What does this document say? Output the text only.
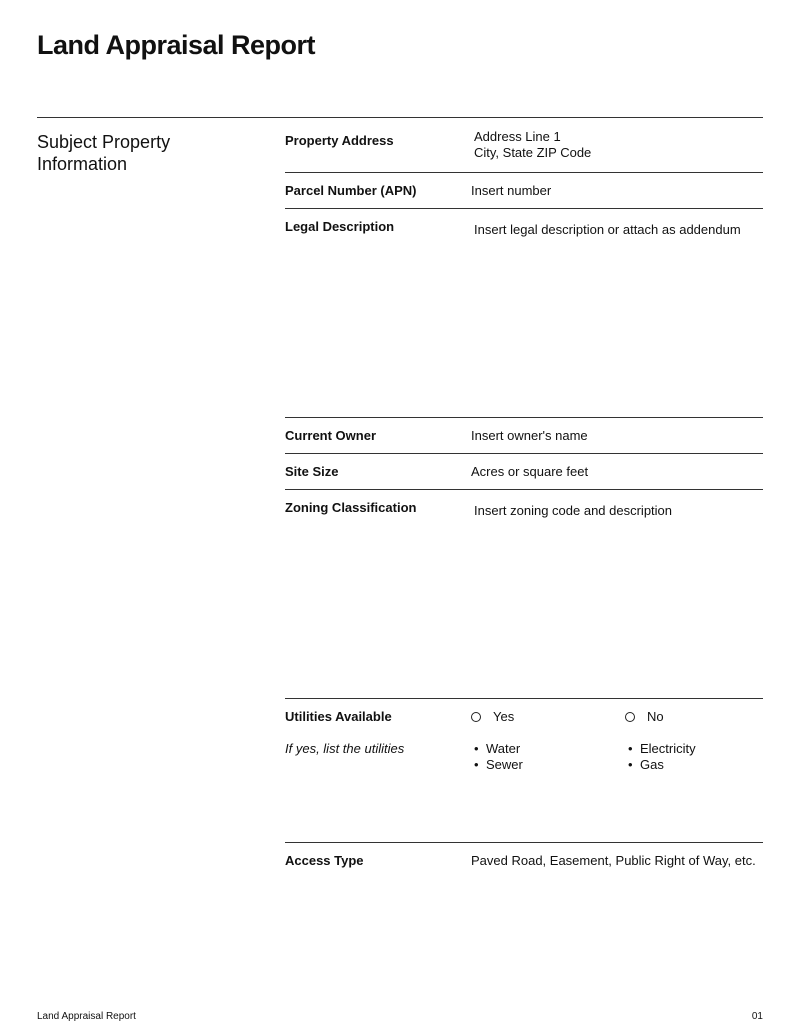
Land Appraisal Report
Subject Property Information
Property Address	Address Line 1
City, State ZIP Code
Parcel Number (APN)	Insert number
Legal Description	Insert legal description or attach as addendum
Current Owner	Insert owner's name
Site Size	Acres or square feet
Zoning Classification	Insert zoning code and description
Utilities Available	Yes	No
If yes, list the utilities
•	Water
• Sewer
• Electricity
• Gas
Access Type	Paved Road, Easement, Public Right of Way, etc.
Land Appraisal Report	01
